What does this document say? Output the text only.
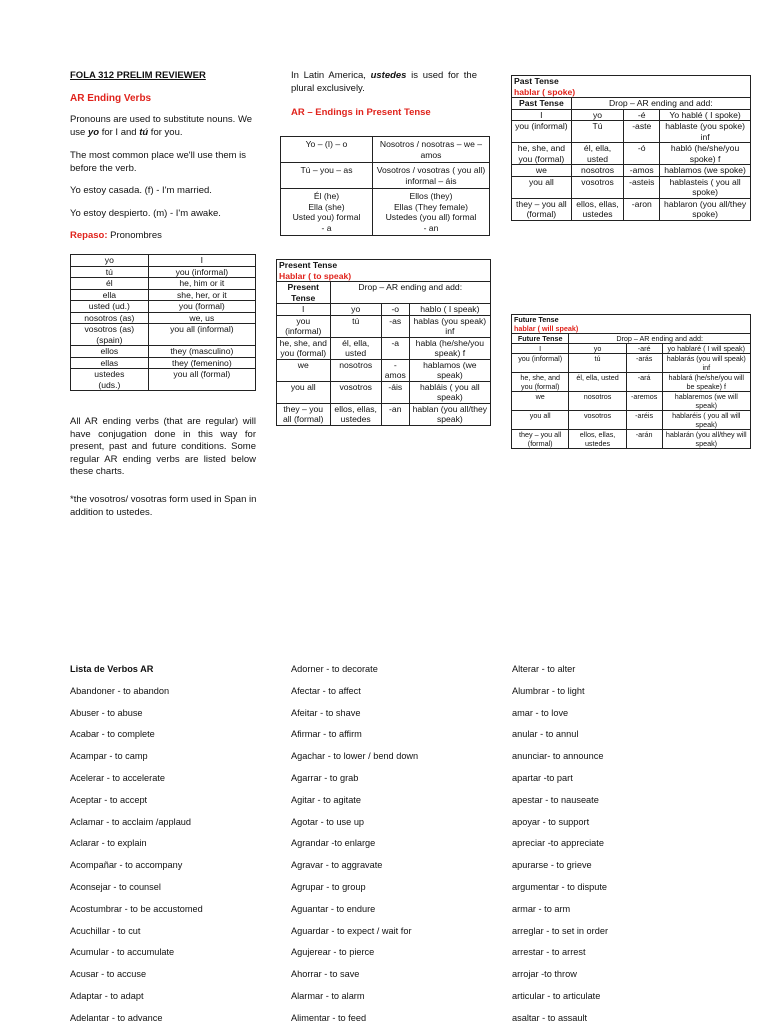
FOLA 312 PRELIM REVIEWER
AR Ending Verbs

Pronouns are used to substitute nouns. We use yo for I and tú for you.

The most common place we'll use them is before the verb.

Yo estoy casada. (f) - I'm married.

Yo estoy despierto. (m) - I'm awake.

Repaso: Pronombres

yo	I
tú	you (informal)
él	he, him or it
ella	she, her, or it
usted (ud.)	you (formal)
nosotros (as)	we, us
vosotros (as)
(spain)	you all (informal)
ellos	they (masculino)
ellas	they (femenino)
ustedes
(uds.)	you all (formal)

All AR ending verbs (that are regular) will have conjugation done in this way for present, past and future conditions. Some regular AR ending verbs are listed below these charts.

*the vosotros/ vosotras form used in Span in addition to ustedes.

In Latin America, ustedes is used for the plural exclusively.

AR – Endings in Present Tense
Yo – (I) – o	Nosotros / nosotras – we – amos
Tú – you – as	Vosotros / vosotras ( you all) informal – áis
Él (he)
Ella (she)
Usted you) formal
- a	Ellos (they)
Ellas (They female)
Ustedes (you all) formal
- an
Present Tense
Hablar ( to speak)			

Present Tense	Drop – AR ending and add:		
I	yo	-o	hablo ( I speak)
you (informal)	tú	-as	hablas (you speak) inf
he, she, and you (formal)	él, ella, usted	-a	habla (he/she/you speak) f
we	nosotros	-amos	hablamos (we speak)
you all	vosotros	-áis	habláis ( you all speak)
they – you all (formal)	ellos, ellas, ustedes	-an	hablan (you all/they speak)
Past Tense
hablar ( spoke)			

Past Tense	Drop – AR ending and add:		
I	yo	-é	Yo hablé ( I spoke)
you (informal)	Tú	-aste	hablaste (you spoke) inf
he, she, and you (formal)	él, ella, usted	-ó	habló (he/she/you spoke) f
we	nosotros	-amos	hablamos (we spoke)
you all	vosotros	-asteis	hablasteis ( you all spoke)
they – you all (formal)	ellos, ellas, ustedes	-aron	hablaron (you all/they spoke)
Future Tense
hablar ( will speak)			

Future Tense	Drop – AR ending and add:		
I	yo	-aré	yo hablaré ( I will speak)
you (informal)	tú	-arás	hablarás (you will speak) inf
he, she, and you (formal)	él, ella, usted	-ará	hablará (he/she/you will be speake) f
we	nosotros	-aremos	hablaremos (we will speak)
you all	vosotros	-aréis	hablaréis ( you all will speak)
they – you all (formal)	ellos, ellas, ustedes	-arán	hablarán (you all/they will speak)
Lista de Verbos AR
Abandoner - to abandon
Abuser - to abuse
Acabar - to complete
Acampar - to camp
Acelerar - to accelerate
Aceptar - to accept
Aclamar - to acclaim /applaud
Aclarar - to explain
Acompañar - to accompany
Aconsejar - to counsel
Acostumbrar - to be accustomed
Acuchillar - to cut
Acumular - to accumulate
Acusar - to accuse
Adaptar - to adapt
Adelantar - to advance
Adorner - to decorate
Afectar - to affect
Afeitar - to shave
Afirmar - to affirm
Agachar - to lower / bend down
Agarrar - to grab
Agitar - to agitate
Agotar - to use up
Agrandar -to enlarge
Agravar - to aggravate
Agrupar - to group
Aguantar - to endure
Aguardar - to expect / wait for
Agujerear - to pierce
Ahorrar - to save
Alarmar - to alarm
Alimentar - to feed
Alterar - to alter
Alumbrar - to light
amar - to love
anular - to annul
anunciar- to announce
apartar -to part
apestar - to nauseate
apoyar - to support
apreciar -to appreciate
apurarse - to grieve
argumentar - to dispute
armar - to arm
arreglar - to set in order
arrestar - to arrest
arrojar -to throw
articular - to articulate
asaltar - to assault
